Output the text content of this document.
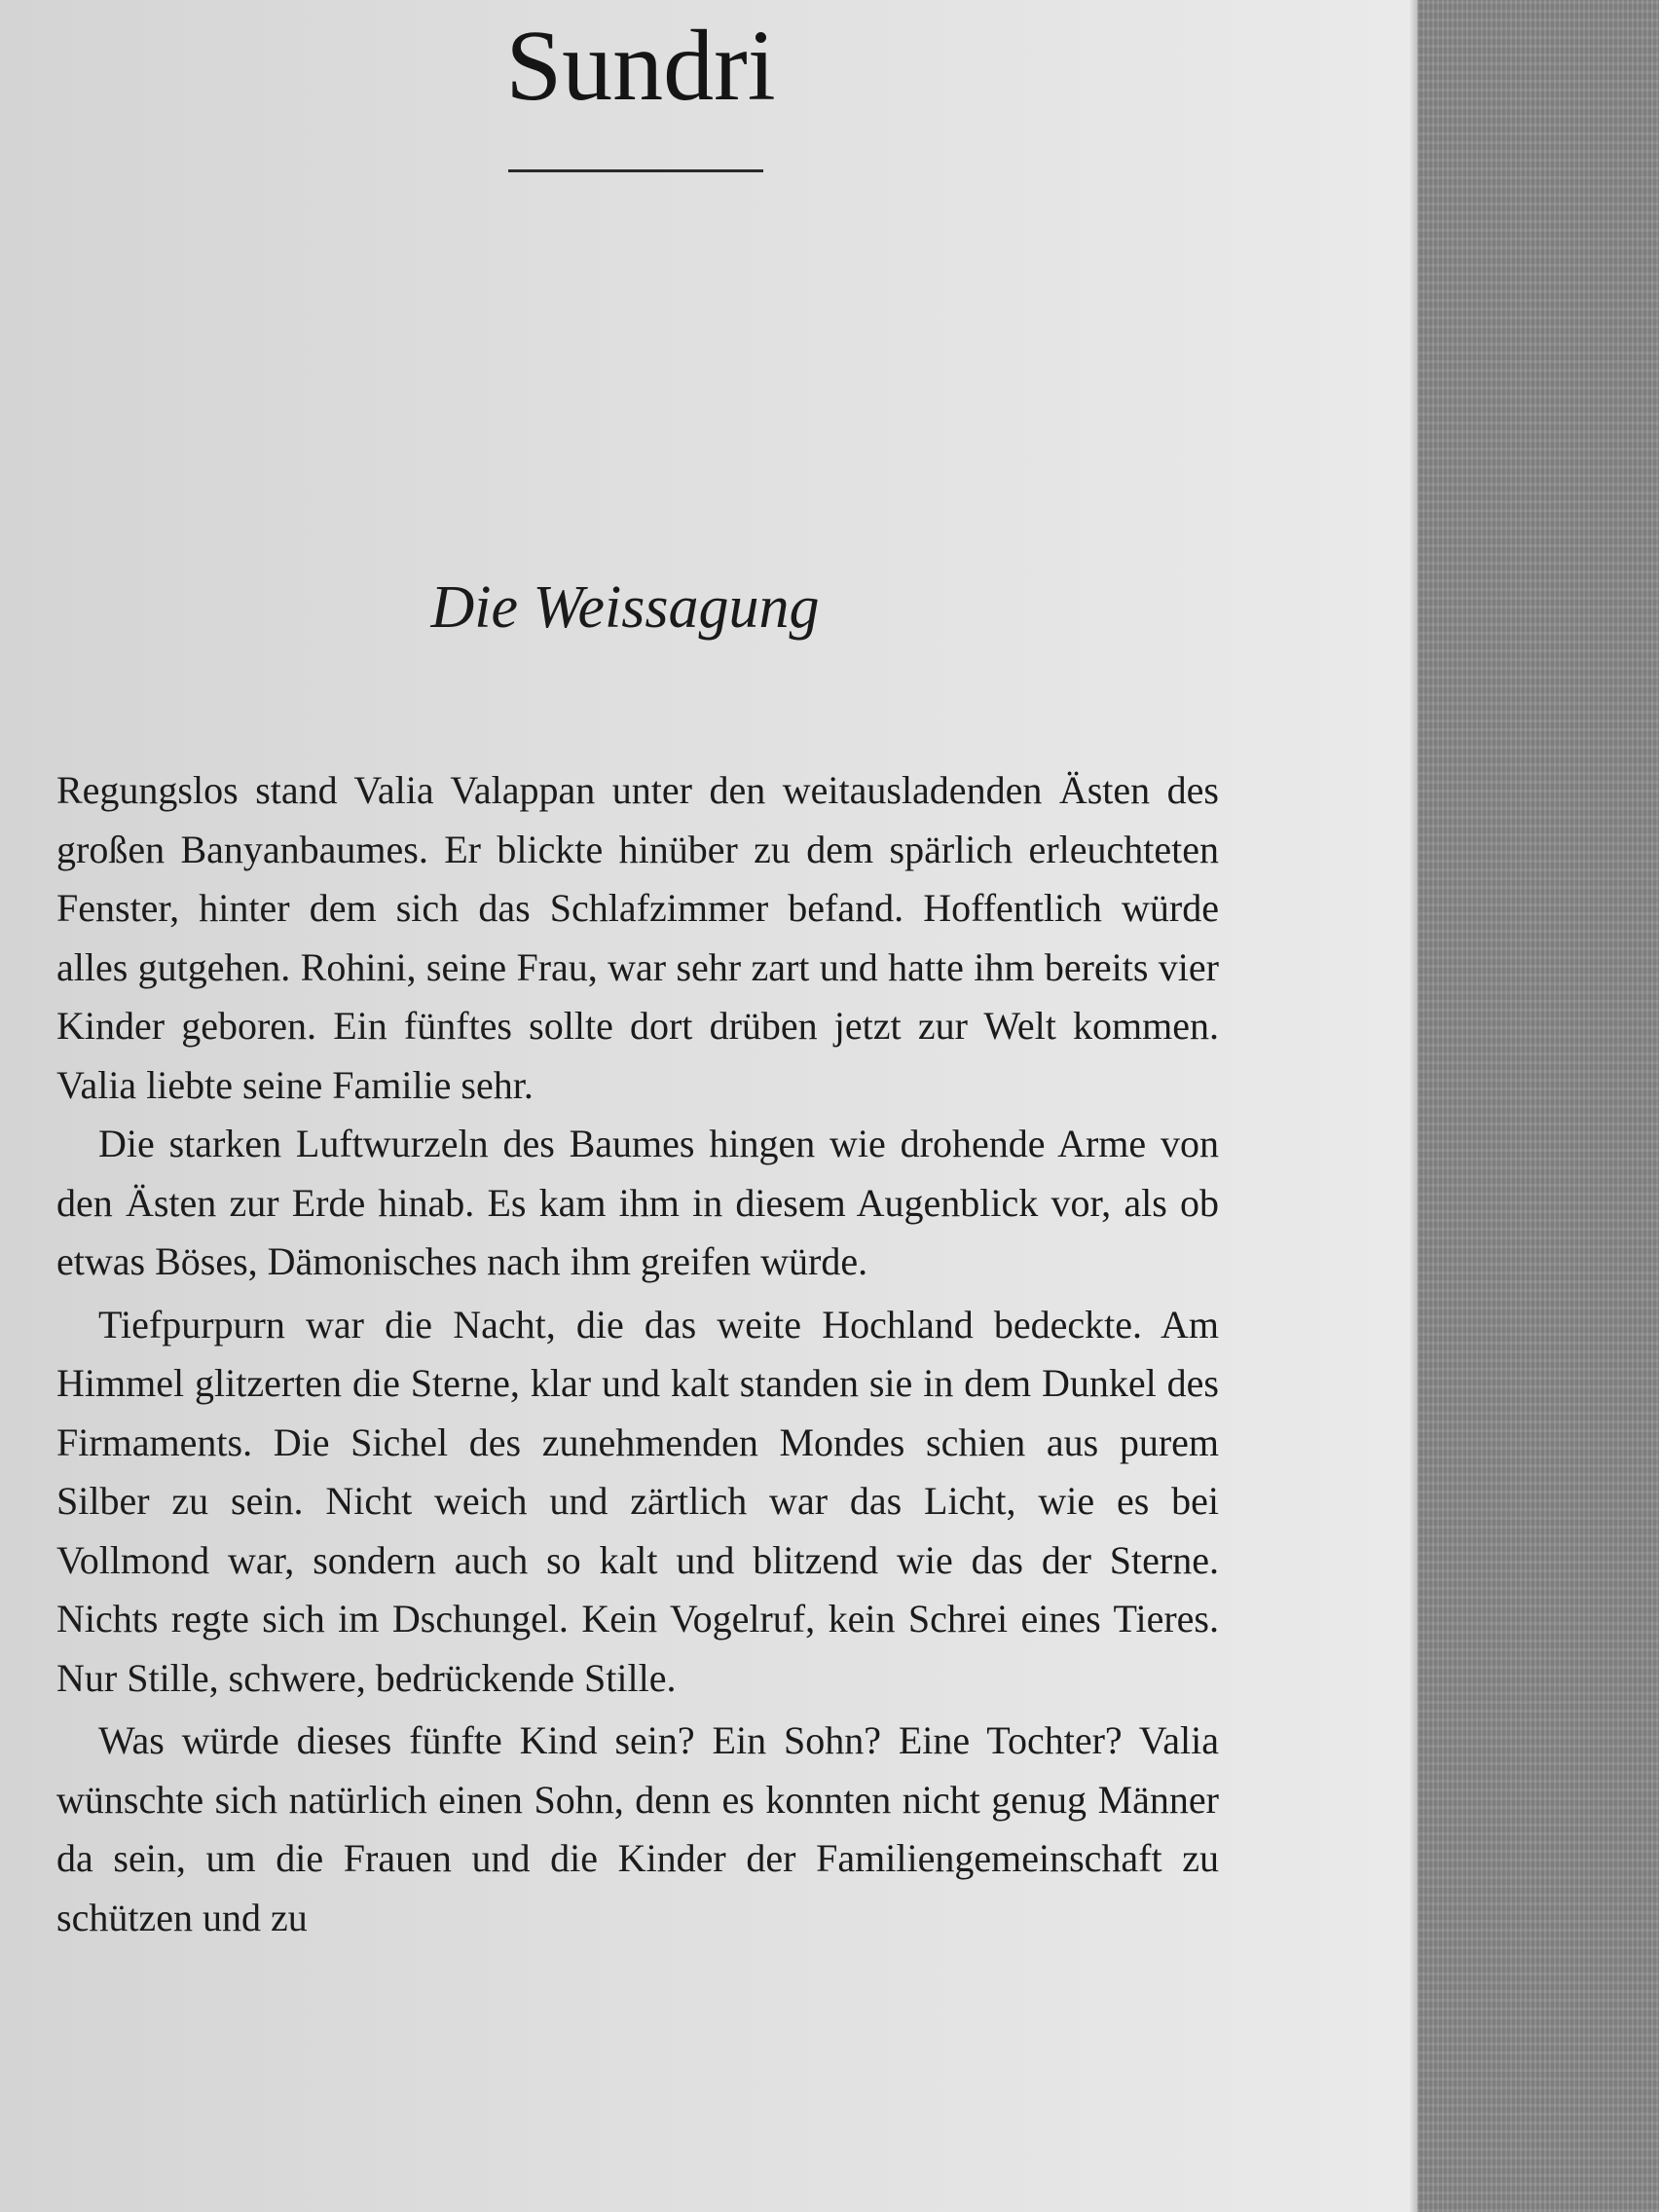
Sundri
Die Weissagung

Regungslos stand Valia Valappan unter den weitausladenden Ästen des großen Banyanbaumes. Er blickte hinüber zu dem spärlich erleuchteten Fenster, hinter dem sich das Schlafzimmer befand. Hoffentlich würde alles gutgehen. Rohini, seine Frau, war sehr zart und hatte ihm bereits vier Kinder geboren. Ein fünftes sollte dort drüben jetzt zur Welt kommen. Valia liebte seine Familie sehr.

Die starken Luftwurzeln des Baumes hingen wie drohende Arme von den Ästen zur Erde hinab. Es kam ihm in diesem Augenblick vor, als ob etwas Böses, Dämonisches nach ihm greifen würde.

Tiefpurpurn war die Nacht, die das weite Hochland bedeckte. Am Himmel glitzerten die Sterne, klar und kalt standen sie in dem Dunkel des Firmaments. Die Sichel des zunehmenden Mondes schien aus purem Silber zu sein. Nicht weich und zärtlich war das Licht, wie es bei Vollmond war, sondern auch so kalt und blitzend wie das der Sterne. Nichts regte sich im Dschungel. Kein Vogelruf, kein Schrei eines Tieres. Nur Stille, schwere, bedrückende Stille.

Was würde dieses fünfte Kind sein? Ein Sohn? Eine Tochter? Valia wünschte sich natürlich einen Sohn, denn es konnten nicht genug Männer da sein, um die Frauen und die Kinder der Familiengemeinschaft zu schützen und zu
